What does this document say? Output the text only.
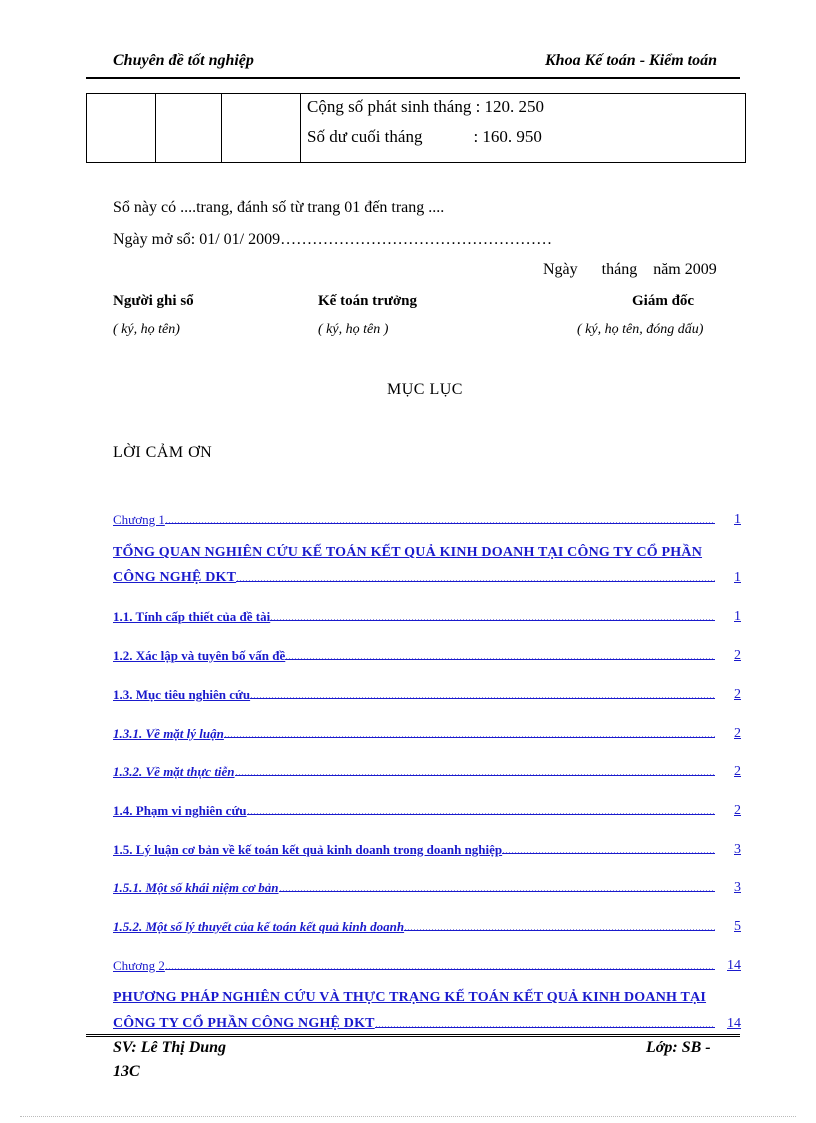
Chuyên đề tốt nghiệp	Khoa Kế toán - Kiểm toán

Cộng số phát sinh tháng : 120. 250
Số dư cuối tháng            : 160. 950
Sổ này có ....trang, đánh số từ trang 01 đến trang ....
Ngày mở sổ: 01/ 01/ 2009……………………………………………
Ngày      tháng    năm 2009
Người ghi sổ	Kế toán trưởng	Giám đốc
( ký, họ tên)	( ký, họ tên )	( ký, họ tên, đóng dấu)
MỤC LỤC
LỜI CẢM ƠN
Chương 1	1
TỔNG QUAN NGHIÊN CỨU KẾ TOÁN KẾT QUẢ KINH DOANH TẠI CÔNG TY CỔ PHẦN
CÔNG NGHỆ DKT	1
1.1. Tính cấp thiết của đề tài	1
1.2. Xác lập và tuyên bố vấn đề	2
1.3. Mục tiêu nghiên cứu	2
1.3.1. Về mặt lý luận	2
1.3.2. Về mặt thực tiễn	2
1.4. Phạm vi nghiên cứu	2
1.5. Lý luận cơ bản về kế toán kết quả kinh doanh trong doanh nghiệp	3
1.5.1. Một số khái niệm cơ bản	3
1.5.2. Một số lý thuyết của kế toán kết quả kinh doanh	5
Chương 2	14
PHƯƠNG PHÁP NGHIÊN CỨU VÀ THỰC TRẠNG KẾ TOÁN KẾT QUẢ KINH DOANH TẠI
CÔNG TY CỔ PHẦN CÔNG NGHỆ DKT	14
SV: Lê Thị Dung	Lớp: SB -
13C
